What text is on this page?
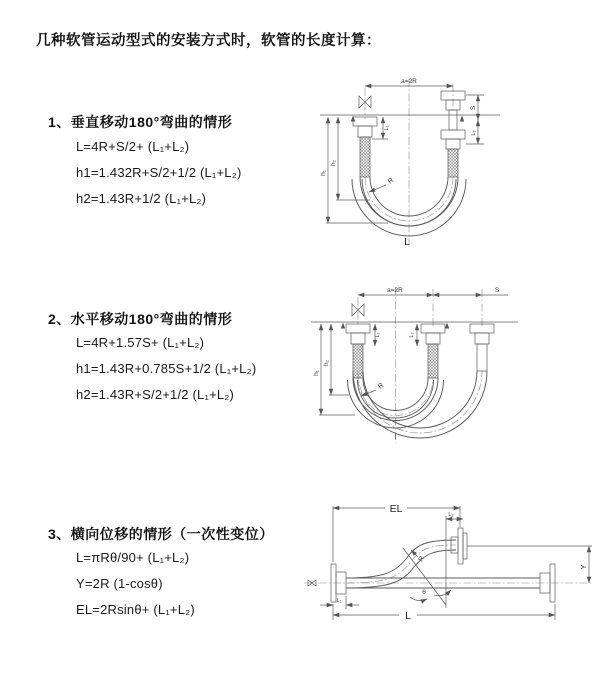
几种软管运动型式的安装方式时，软管的长度计算：
1、垂直移动180°弯曲的情形
L=4R+S/2+ (L₁+L₂)
h1=1.432R+S/2+1/2 (L₁+L₂)
h2=1.43R+1/2 (L₁+L₂)
2、水平移动180°弯曲的情形
L=4R+1.57S+ (L₁+L₂)
h1=1.43R+0.785S+1/2 (L₁+L₂)
h2=1.43R+S/2+1/2 (L₁+L₂)
3、横向位移的情形（一次性变位）
L=πRθ/90+ (L₁+L₂)
Y=2R (1-cosθ)
EL=2Rsinθ+ (L₁+L₂)
a=2R
h₁
h₂
L₁
S
L₂
R
L
a=2R	S
h₁
h₂
L₁	L₂
R
EL	L₂
Y
R
θ
L
L₁
